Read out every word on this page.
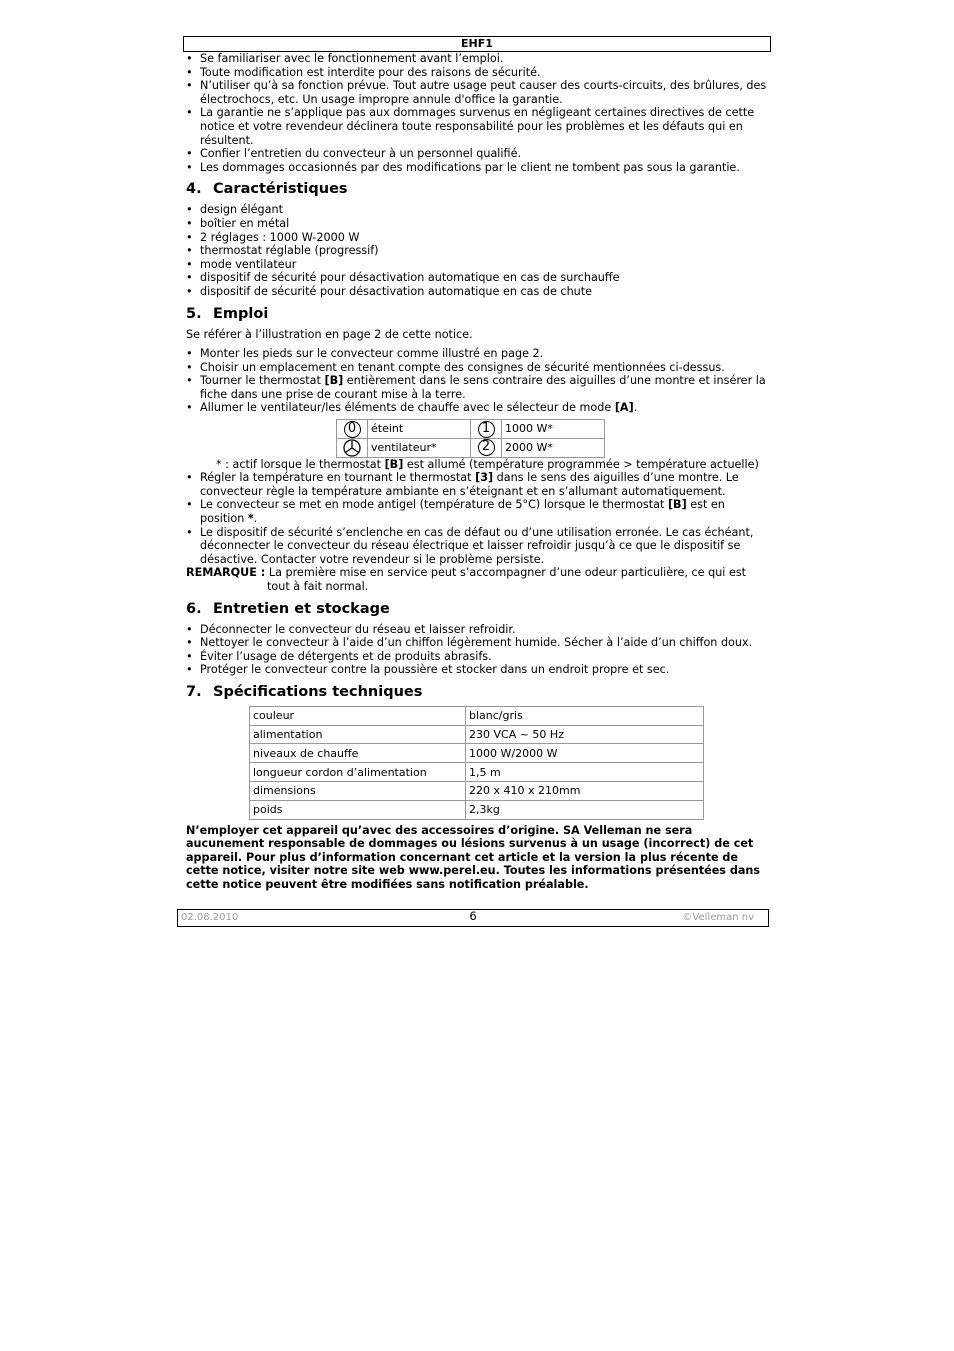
EHF1
• Se familiariser avec le fonctionnement avant l’emploi.
• Toute modification est interdite pour des raisons de sécurité.
• N’utiliser qu’à sa fonction prévue. Tout autre usage peut causer des courts-circuits, des brûlures, des électrochocs, etc. Un usage impropre annule d'office la garantie.
• La garantie ne s’applique pas aux dommages survenus en négligeant certaines directives de cette notice et votre revendeur déclinera toute responsabilité pour les problèmes et les défauts qui en résultent.
• Confier l’entretien du convecteur à un personnel qualifié.
• Les dommages occasionnés par des modifications par le client ne tombent pas sous la garantie.
4. Caractéristiques
• design élégant
• boîtier en métal
• 2 réglages : 1000 W-2000 W
• thermostat réglable (progressif)
• mode ventilateur
• dispositif de sécurité pour désactivation automatique en cas de surchauffe
• dispositif de sécurité pour désactivation automatique en cas de chute
5. Emploi

Se référer à l’illustration en page 2 de cette notice.

• Monter les pieds sur le convecteur comme illustré en page 2.
• Choisir un emplacement en tenant compte des consignes de sécurité mentionnées ci-dessus.
• Tourner le thermostat [B] entièrement dans le sens contraire des aiguilles d’une montre et insérer la fiche dans une prise de courant mise à la terre.
• Allumer le ventilateur/les éléments de chauffe avec le sélecteur de mode [A].
0	éteint	1	1000 W*
	ventilateur*	2	2000 W*
* : actif lorsque le thermostat [B] est allumé (température programmée > température actuelle)
• Régler la température en tournant le thermostat [3] dans le sens des aiguilles d’une montre. Le convecteur règle la température ambiante en s’éteignant et en s’allumant automatiquement.
• Le convecteur se met en mode antigel (température de 5°C) lorsque le thermostat [B] est en position *.
• Le dispositif de sécurité s’enclenche en cas de défaut ou d’une utilisation erronée. Le cas échéant, déconnecter le convecteur du réseau électrique et laisser refroidir jusqu’à ce que le dispositif se désactive. Contacter votre revendeur si le problème persiste.
REMARQUE : La première mise en service peut s’accompagner d’une odeur particulière, ce qui est
tout à fait normal.
6. Entretien et stockage
• Déconnecter le convecteur du réseau et laisser refroidir.
• Nettoyer le convecteur à l’aide d’un chiffon légèrement humide. Sécher à l’aide d’un chiffon doux.
• Éviter l’usage de détergents et de produits abrasifs.
• Protéger le convecteur contre la poussière et stocker dans un endroit propre et sec.
7. Spécifications techniques
couleur	blanc/gris
alimentation	230 VCA ~ 50 Hz
niveaux de chauffe	1000 W/2000 W
longueur cordon d’alimentation	1,5 m
dimensions	220 x 410 x 210mm
poids	2,3kg

N’employer cet appareil qu’avec des accessoires d’origine. SA Velleman ne sera aucunement responsable de dommages ou lésions survenus à un usage (incorrect) de cet appareil. Pour plus d’information concernant cet article et la version la plus récente de cette notice, visiter notre site web www.perel.eu. Toutes les informations présentées dans cette notice peuvent être modifiées sans notification préalable.

02.08.2010	6	©Velleman nv
